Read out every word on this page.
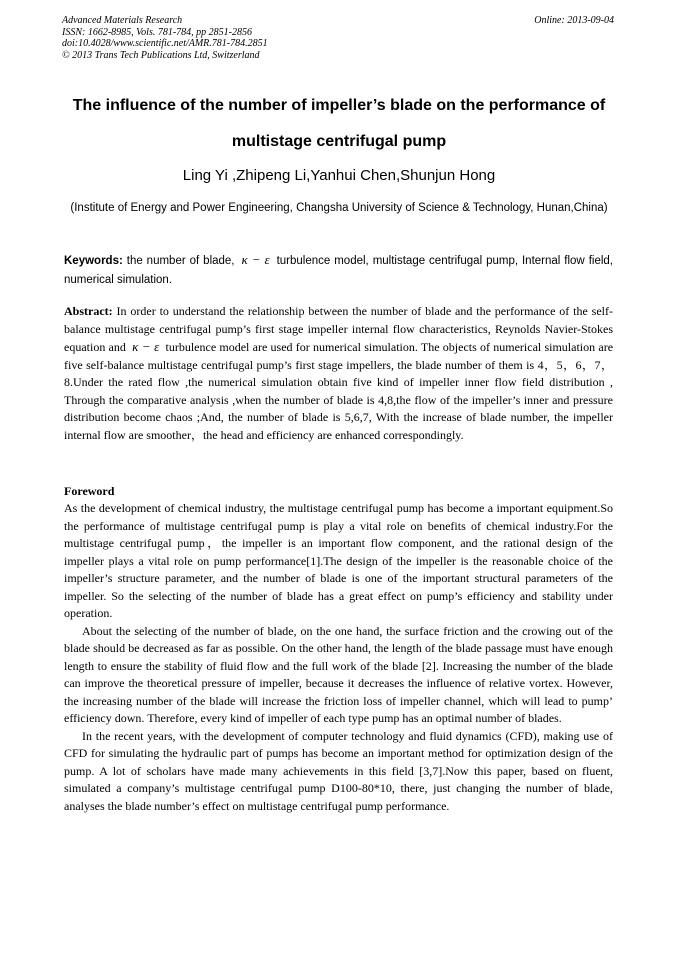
Advanced Materials Research
ISSN: 1662-8985, Vols. 781-784, pp 2851-2856
doi:10.4028/www.scientific.net/AMR.781-784.2851
© 2013 Trans Tech Publications Ltd, Switzerland
Online: 2013-09-04
The influence of the number of impeller’s blade on the performance of multistage centrifugal pump
Ling Yi ,Zhipeng Li,Yanhui Chen,Shunjun Hong
(Institute of Energy and Power Engineering, Changsha University of Science & Technology, Hunan,China)
Keywords: the number of blade, κ − ε turbulence model, multistage centrifugal pump, Internal flow field, numerical simulation.
Abstract: In order to understand the relationship between the number of blade and the performance of the self-balance multistage centrifugal pump’s first stage impeller internal flow characteristics, Reynolds Navier-Stokes equation and κ − ε turbulence model are used for numerical simulation. The objects of numerical simulation are five self-balance multistage centrifugal pump’s first stage impellers, the blade number of them is 4，5，6，7，8.Under the rated flow ,the numerical simulation obtain five kind of impeller inner flow field distribution , Through the comparative analysis ,when the number of blade is 4,8,the flow of the impeller’s inner and pressure distribution become chaos ;And, the number of blade is 5,6,7, With the increase of blade number, the impeller internal flow are smoother，the head and efficiency are enhanced correspondingly.
Foreword

As the development of chemical industry, the multistage centrifugal pump has become a important equipment.So the performance of multistage centrifugal pump is play a vital role on benefits of chemical industry.For the multistage centrifugal pump，the impeller is an important flow component, and the rational design of the impeller plays a vital role on pump performance[1].The design of the impeller is the reasonable choice of the impeller’s structure parameter, and the number of blade is one of the important structural parameters of the impeller. So the selecting of the number of blade has a great effect on pump’s efficiency and stability under operation.

About the selecting of the number of blade, on the one hand, the surface friction and the crowing out of the blade should be decreased as far as possible. On the other hand, the length of the blade passage must have enough length to ensure the stability of fluid flow and the full work of the blade [2]. Increasing the number of the blade can improve the theoretical pressure of impeller, because it decreases the influence of relative vortex. However, the increasing number of the blade will increase the friction loss of impeller channel, which will lead to pump’ efficiency down. Therefore, every kind of impeller of each type pump has an optimal number of blades.

In the recent years, with the development of computer technology and fluid dynamics (CFD), making use of CFD for simulating the hydraulic part of pumps has become an important method for optimization design of the pump. A lot of scholars have made many achievements in this field [3,7].Now this paper, based on fluent, simulated a company’s multistage centrifugal pump D100-80*10, there, just changing the number of blade, analyses the blade number’s effect on multistage centrifugal pump performance.
